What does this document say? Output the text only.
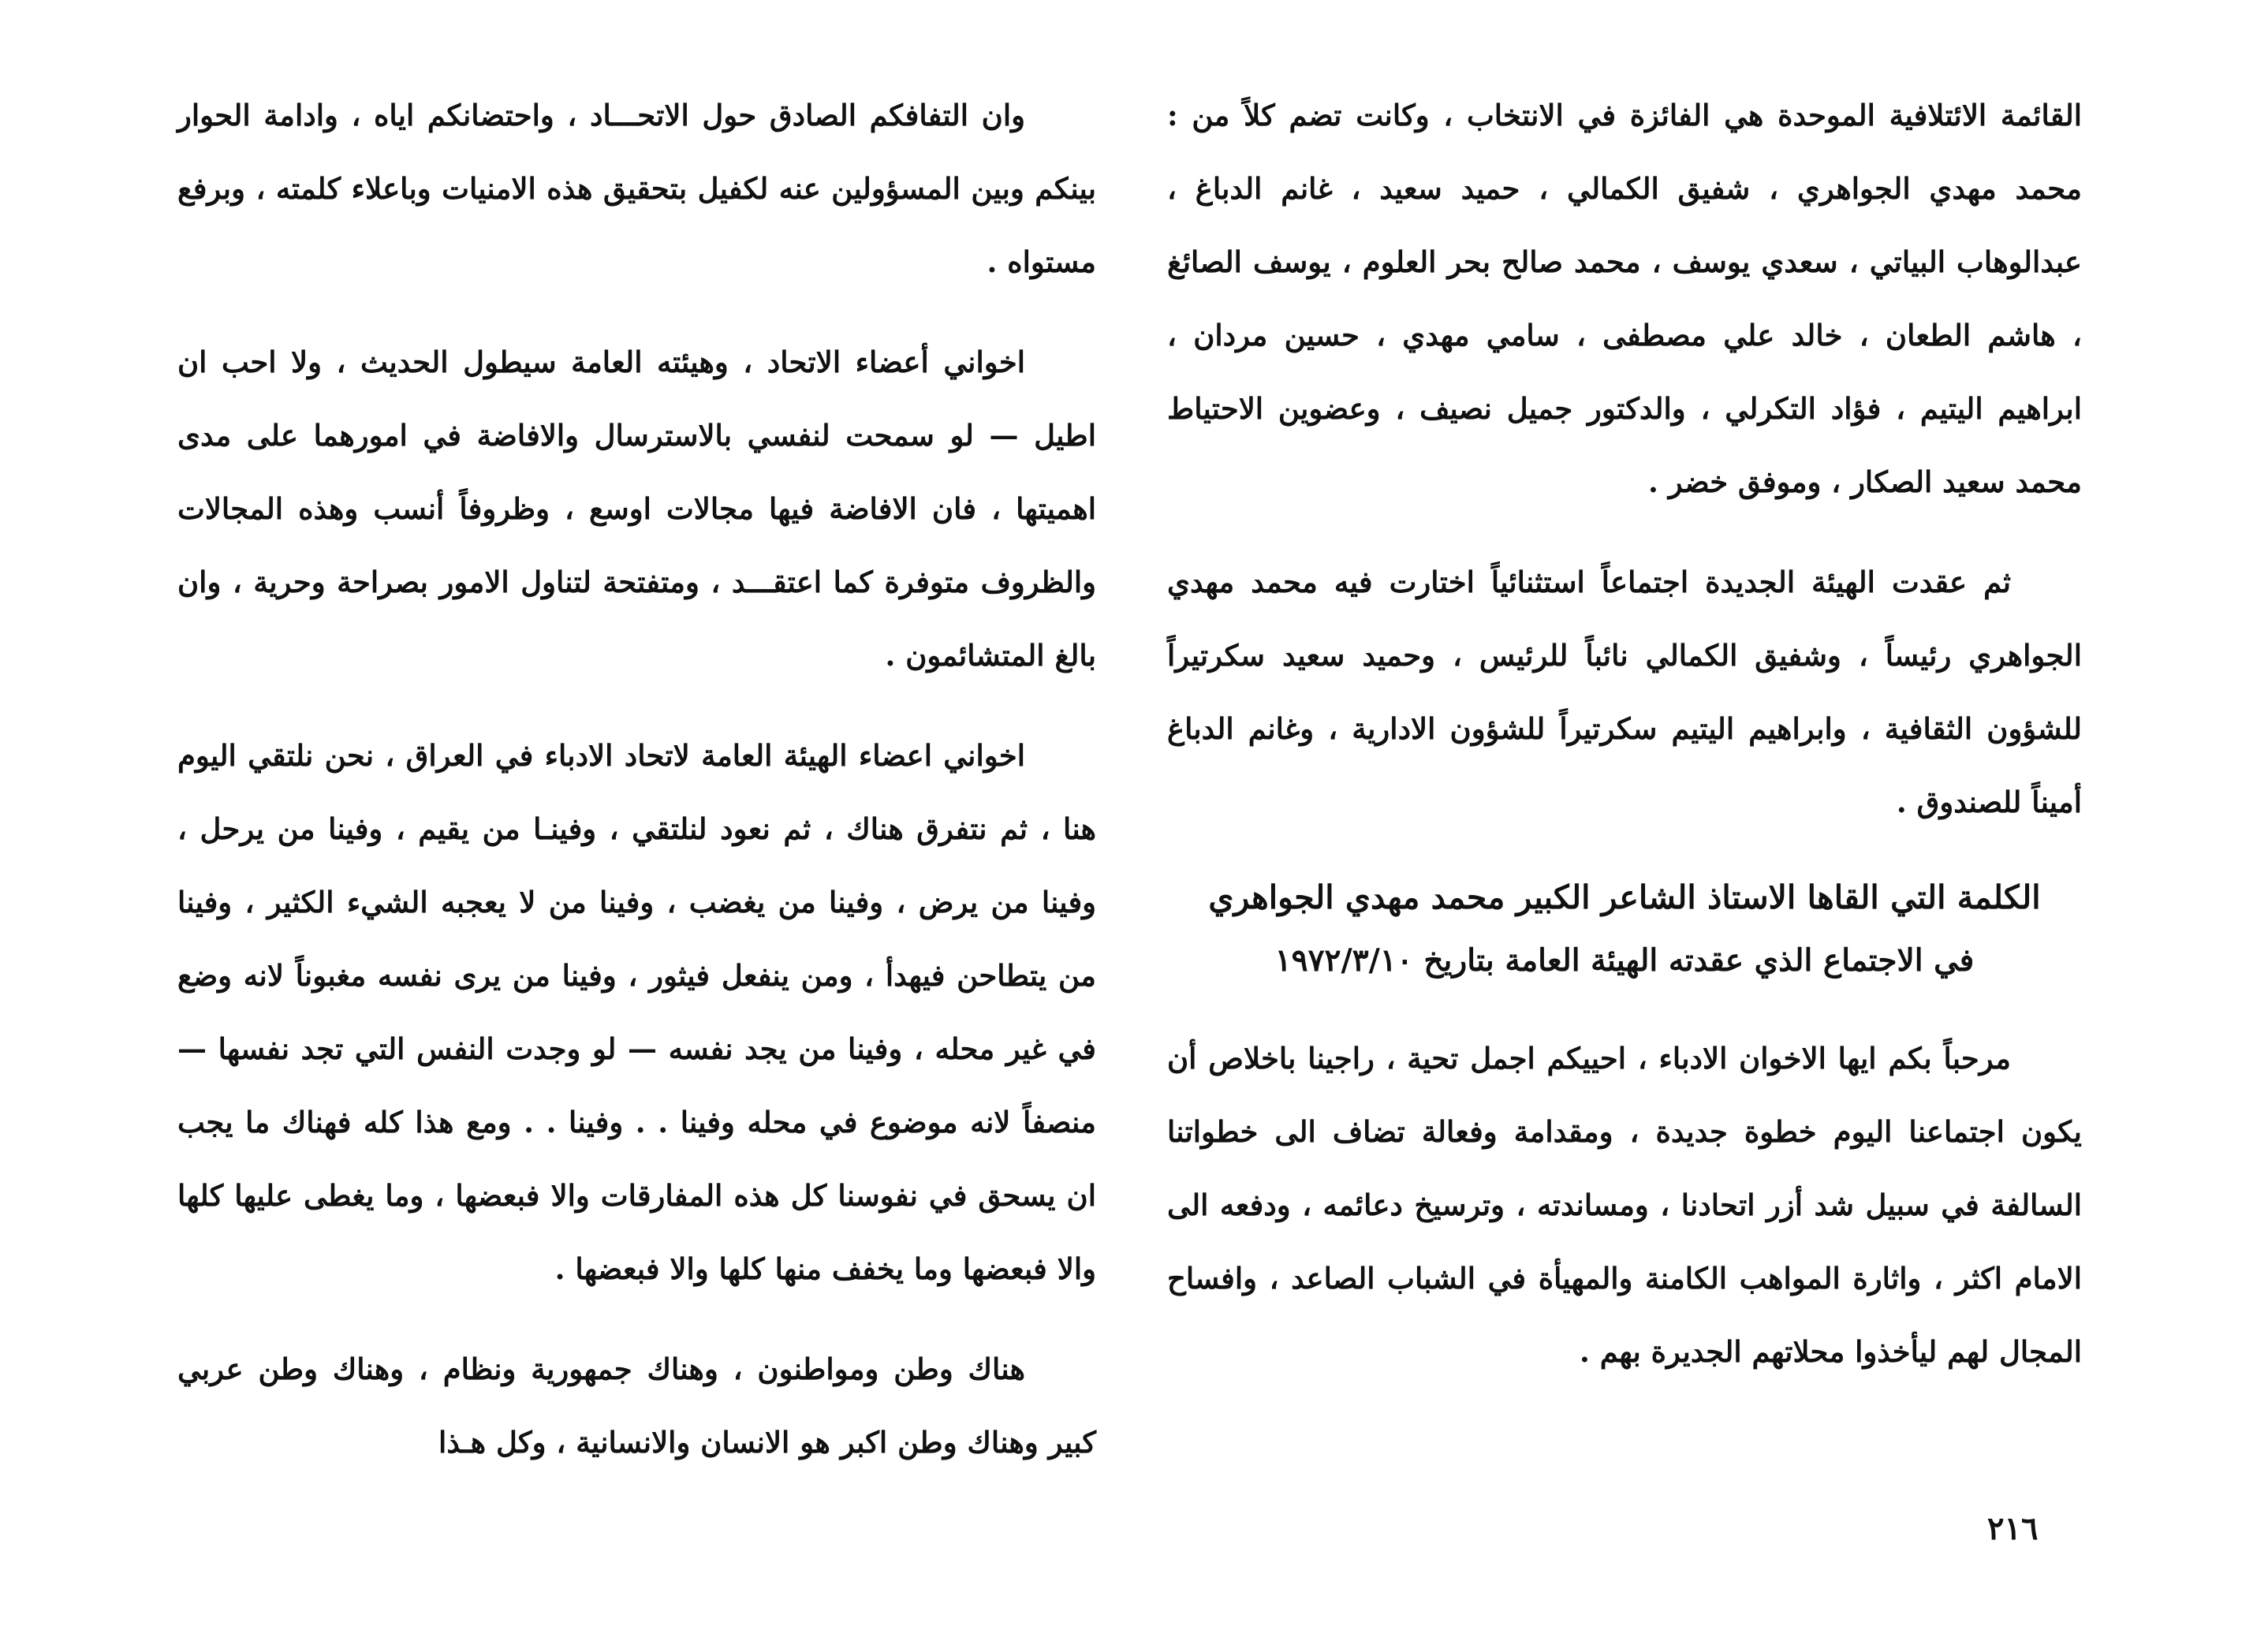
القائمة الائتلافية الموحدة هي الفائزة في الانتخاب ، وكانت تضم كلاً من : محمد مهدي الجواهري ، شفيق الكمالي ، حميد سعيد ، غانم الدباغ ، عبدالوهاب البياتي ، سعدي يوسف ، محمد صالح بحر العلوم ، يوسف الصائغ ، هاشم الطعان ، خالد علي مصطفى ، سامي مهدي ، حسين مردان ، ابراهيم اليتيم ، فؤاد التكرلي ، والدكتور جميل نصيف ، وعضوين الاحتياط محمد سعيد الصكار ، وموفق خضر .

ثم عقدت الهيئة الجديدة اجتماعاً استثنائياً اختارت فيه محمد مهدي الجواهري رئيساً ، وشفيق الكمالي نائباً للرئيس ، وحميد سعيد سكرتيراً للشؤون الثقافية ، وابراهيم اليتيم سكرتيراً للشؤون الادارية ، وغانم الدباغ أميناً للصندوق .

الكلمة التي القاها الاستاذ الشاعر الكبير محمد مهدي الجواهري
في الاجتماع الذي عقدته الهيئة العامة بتاريخ ١٩٧٢/٣/١٠

مرحباً بكم ايها الاخوان الادباء ، احييكم اجمل تحية ، راجينا باخلاص أن يكون اجتماعنا اليوم خطوة جديدة ، ومقدامة وفعالة تضاف الى خطواتنا السالفة في سبيل شد أزر اتحادنا ، ومساندته ، وترسيخ دعائمه ، ودفعه الى الامام اكثر ، واثارة المواهب الكامنة والمهيأة في الشباب الصاعد ، وافساح المجال لهم ليأخذوا محلاتهم الجديرة بهم .

وان التفافكم الصادق حول الاتحـــاد ، واحتضانكم اياه ، وادامة الحوار بينكم وبين المسؤولين عنه لكفيل بتحقيق هذه الامنيات وباعلاء كلمته ، وبرفع مستواه .

اخواني أعضاء الاتحاد ، وهيئته العامة سيطول الحديث ، ولا احب ان اطيل — لو سمحت لنفسي بالاسترسال والافاضة في امورهما على مدى اهميتها ، فان الافاضة فيها مجالات اوسع ، وظروفاً أنسب وهذه المجالات والظروف متوفرة كما اعتقـــد ، ومتفتحة لتناول الامور بصراحة وحرية ، وان بالغ المتشائمون .

اخواني اعضاء الهيئة العامة لاتحاد الادباء في العراق ، نحن نلتقي اليوم هنا ، ثم نتفرق هناك ، ثم نعود لنلتقي ، وفينـا من يقيم ، وفينا من يرحل ، وفينا من يرض ، وفينا من يغضب ، وفينا من لا يعجبه الشيء الكثير ، وفينا من يتطاحن فيهدأ ، ومن ينفعل فيثور ، وفينا من يرى نفسه مغبوناً لانه وضع في غير محله ، وفينا من يجد نفسه — لو وجدت النفس التي تجد نفسها — منصفاً لانه موضوع في محله وفينا . . وفينا . . ومع هذا كله فهناك ما يجب ان يسحق في نفوسنا كل هذه المفارقات والا فبعضها ، وما يغطى عليها كلها والا فبعضها وما يخفف منها كلها والا فبعضها .

هناك وطن ومواطنون ، وهناك جمهورية ونظام ، وهناك وطن عربي كبير وهناك وطن اكبر هو الانسان والانسانية ، وكل هـذا

٢١٦
